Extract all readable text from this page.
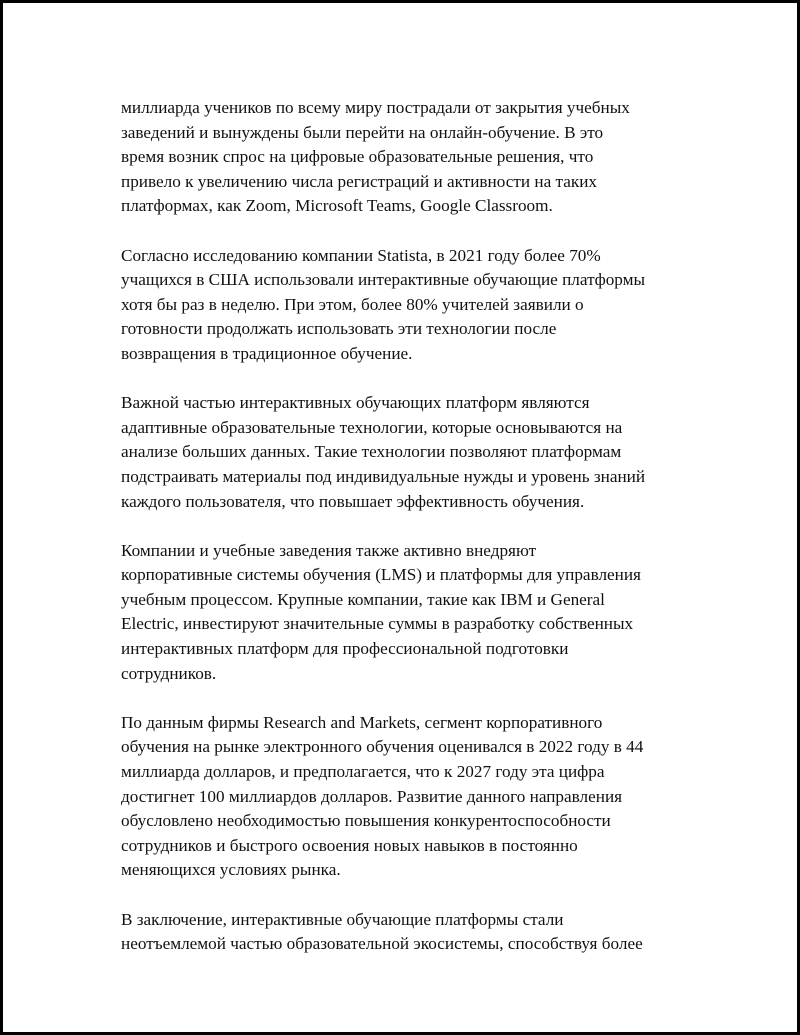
миллиарда учеников по всему миру пострадали от закрытия учебных
заведений и вынуждены были перейти на онлайн-обучение. В это
время возник спрос на цифровые образовательные решения, что
привело к увеличению числа регистраций и активности на таких
платформах, как Zoom, Microsoft Teams, Google Classroom.

Согласно исследованию компании Statista, в 2021 году более 70%
учащихся в США использовали интерактивные обучающие платформы
хотя бы раз в неделю. При этом, более 80% учителей заявили о
готовности продолжать использовать эти технологии после
возвращения в традиционное обучение.

Важной частью интерактивных обучающих платформ являются
адаптивные образовательные технологии, которые основываются на
анализе больших данных. Такие технологии позволяют платформам
подстраивать материалы под индивидуальные нужды и уровень знаний
каждого пользователя, что повышает эффективность обучения.

Компании и учебные заведения также активно внедряют
корпоративные системы обучения (LMS) и платформы для управления
учебным процессом. Крупные компании, такие как IBM и General
Electric, инвестируют значительные суммы в разработку собственных
интерактивных платформ для профессиональной подготовки
сотрудников.

По данным фирмы Research and Markets, сегмент корпоративного
обучения на рынке электронного обучения оценивался в 2022 году в 44
миллиарда долларов, и предполагается, что к 2027 году эта цифра
достигнет 100 миллиардов долларов. Развитие данного направления
обусловлено необходимостью повышения конкурентоспособности
сотрудников и быстрого освоения новых навыков в постоянно
меняющихся условиях рынка.

В заключение, интерактивные обучающие платформы стали
неотъемлемой частью образовательной экосистемы, способствуя более
